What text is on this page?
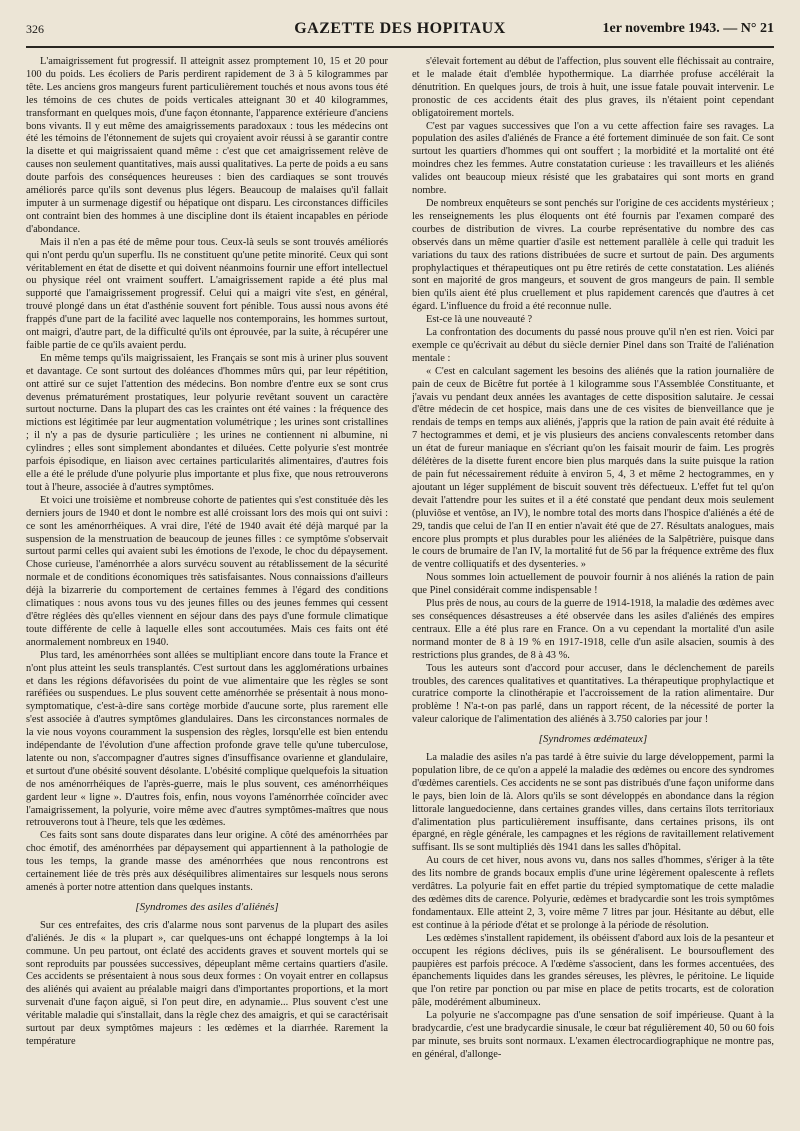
326	GAZETTE DES HOPITAUX	1er novembre 1943. — N° 21

L'amaigrissement fut progressif. Il atteignit assez promptement 10, 15 et 20 pour 100 du poids. Les écoliers de Paris perdirent rapidement de 3 à 5 kilogrammes par tête. Les anciens gros mangeurs furent particulièrement touchés et nous avons tous été les témoins de ces chutes de poids verticales atteignant 30 et 40 kilogrammes, transformant en quelques mois, d'une façon étonnante, l'apparence extérieure d'anciens bons vivants. Il y eut même des amaigrissements paradoxaux : tous les médecins ont été les témoins de l'étonnement de sujets qui croyaient avoir réussi à se garantir contre la disette et qui maigrissaient quand même : c'est que cet amaigrissement relève de causes non seulement quantitatives, mais aussi qualitatives. La perte de poids a eu sans doute parfois des conséquences heureuses : bien des cardiaques se sont trouvés améliorés parce qu'ils sont devenus plus légers. Beaucoup de malaises qu'il fallait imputer à un surmenage digestif ou hépatique ont disparu. Les circonstances difficiles ont contraint bien des hommes à une discipline dont ils étaient incapables en période d'abondance.

Mais il n'en a pas été de même pour tous. Ceux-là seuls se sont trouvés améliorés qui n'ont perdu qu'un superflu. Ils ne constituent qu'une petite minorité. Ceux qui sont véritablement en état de disette et qui doivent néanmoins fournir une effort intellectuel ou physique réel ont vraiment souffert. L'amaigrissement rapide a été plus mal supporté que l'amaigrissement progressif. Celui qui a maigri vite s'est, en général, trouvé plongé dans un état d'asthénie souvent fort pénible. Tous aussi nous avons été frappés d'une part de la facilité avec laquelle nos contemporains, les hommes surtout, ont maigri, d'autre part, de la difficulté qu'ils ont éprouvée, par la suite, à récupérer une faible partie de ce qu'ils avaient perdu.

En même temps qu'ils maigrissaient, les Français se sont mis à uriner plus souvent et davantage. Ce sont surtout des doléances d'hommes mûrs qui, par leur répétition, ont attiré sur ce sujet l'attention des médecins. Bon nombre d'entre eux se sont crus devenus prématurément prostatiques, leur polyurie revêtant souvent un caractère surtout nocturne. Dans la plupart des cas les craintes ont été vaines : la fréquence des mictions est légitimée par leur augmentation volumétrique ; les urines sont cristallines ; il n'y a pas de dysurie particulière ; les urines ne contiennent ni albumine, ni cylindres ; elles sont simplement abondantes et diluées. Cette polyurie s'est montrée parfois épisodique, en liaison avec certaines particularités alimentaires, d'autres fois elle a été le prélude d'une polyurie plus importante et plus fixe, que nous retrouverons tout à l'heure, associée à d'autres symptômes.

Et voici une troisième et nombreuse cohorte de patientes qui s'est constituée dès les derniers jours de 1940 et dont le nombre est allé croissant lors des mois qui ont suivi : ce sont les aménorrhéiques. A vrai dire, l'été de 1940 avait été déjà marqué par la suspension de la menstruation de beaucoup de jeunes filles : ce symptôme s'observait surtout parmi celles qui avaient subi les émotions de l'exode, le choc du dépaysement. Chose curieuse, l'aménorrhée a alors survécu souvent au rétablissement de la sécurité normale et de conditions économiques très satisfaisantes. Nous connaissions d'ailleurs déjà la bizarrerie du comportement de certaines femmes à l'égard des conditions climatiques : nous avons tous vu des jeunes filles ou des jeunes femmes qui cessent d'être réglées dès qu'elles viennent en séjour dans des pays d'une formule climatique toute différente de celle à laquelle elles sont accoutumées. Mais ces faits ont été anormalement nombreux en 1940.

Plus tard, les aménorrhées sont allées se multipliant encore dans toute la France et n'ont plus atteint les seuls transplantés. C'est surtout dans les agglomérations urbaines et dans les régions défavorisées du point de vue alimentaire que les règles se sont raréfiées ou suspendues. Le plus souvent cette aménorrhée se présentait à nous mono-symptomatique, c'est-à-dire sans cortège morbide d'aucune sorte, plus rarement elle s'est associée à d'autres symptômes glandulaires. Dans les circonstances normales de la vie nous voyons couramment la suspension des règles, lorsqu'elle est bien entendu indépendante de l'évolution d'une affection profonde grave telle qu'une tuberculose, latente ou non, s'accompagner d'autres signes d'insuffisance ovarienne et glandulaire, et surtout d'une obésité souvent désolante. L'obésité complique quelquefois la situation de nos aménorrhéiques de l'après-guerre, mais le plus souvent, ces aménorrhéiques gardent leur « ligne ». D'autres fois, enfin, nous voyons l'aménorrhée coïncider avec l'amaigrissement, la polyurie, voire même avec d'autres symptômes-maîtres que nous retrouverons tout à l'heure, tels que les œdèmes.

Ces faits sont sans doute disparates dans leur origine. A côté des aménorrhées par choc émotif, des aménorrhées par dépaysement qui appartiennent à la pathologie de tous les temps, la grande masse des aménorrhées que nous rencontrons est certainement liée de très près aux déséquilibres alimentaires sur lesquels nous serons amenés à porter notre attention dans quelques instants.

[Syndromes des asiles d'aliénés]

Sur ces entrefaites, des cris d'alarme nous sont parvenus de la plupart des asiles d'aliénés. Je dis « la plupart », car quelques-uns ont échappé longtemps à la loi commune. Un peu partout, ont éclaté des accidents graves et souvent mortels qui se sont reproduits par poussées successives, dépeuplant même certains quartiers d'asile. Ces accidents se présentaient à nous sous deux formes : On voyait entrer en collapsus des aliénés qui avaient au préalable maigri dans d'importantes proportions, et la mort survenait d'une façon aiguë, si l'on peut dire, en adynamie... Plus souvent c'est une véritable maladie qui s'installait, dans la règle chez des amaigris, et qui se caractérisait surtout par deux symptômes majeurs : les œdèmes et la diarrhée. Rarement la température

s'élevait fortement au début de l'affection, plus souvent elle fléchissait au contraire, et le malade était d'emblée hypothermique. La diarrhée profuse accélérait la dénutrition. En quelques jours, de trois à huit, une issue fatale pouvait intervenir. Le pronostic de ces accidents était des plus graves, ils n'étaient point cependant obligatoirement mortels.

C'est par vagues successives que l'on a vu cette affection faire ses ravages. La population des asiles d'aliénés de France a été fortement diminuée de son fait. Ce sont surtout les quartiers d'hommes qui ont souffert ; la morbidité et la mortalité ont été moindres chez les femmes. Autre constatation curieuse : les travailleurs et les aliénés valides ont beaucoup mieux résisté que les grabataires qui sont morts en grand nombre.

De nombreux enquêteurs se sont penchés sur l'origine de ces accidents mystérieux ; les renseignements les plus éloquents ont été fournis par l'examen comparé des courbes de distribution de vivres. La courbe représentative du nombre des cas observés dans un même quartier d'asile est nettement parallèle à celle qui traduit les variations du taux des rations distribuées de sucre et surtout de pain. Des arguments prophylactiques et thérapeutiques ont pu être retirés de cette constatation. Les aliénés sont en majorité de gros mangeurs, et souvent de gros mangeurs de pain. Il semble bien qu'ils aient été plus cruellement et plus rapidement carencés que d'autres à cet égard. L'influence du froid a été reconnue nulle.

Est-ce là une nouveauté ?

La confrontation des documents du passé nous prouve qu'il n'en est rien. Voici par exemple ce qu'écrivait au début du siècle dernier Pinel dans son Traité de l'aliénation mentale :

« C'est en calculant sagement les besoins des aliénés que la ration journalière de pain de ceux de Bicêtre fut portée à 1 kilogramme sous l'Assemblée Constituante, et j'avais vu pendant deux années les avantages de cette disposition salutaire. Je cessai d'être médecin de cet hospice, mais dans une de ces visites de bienveillance que je rendais de temps en temps aux aliénés, j'appris que la ration de pain avait été réduite à 7 hectogrammes et demi, et je vis plusieurs des anciens convalescents retomber dans un état de fureur maniaque en s'écriant qu'on les faisait mourir de faim. Les progrès délétères de la disette furent encore bien plus marqués dans la suite puisque la ration de pain fut nécessairement réduite à environ 5, 4, 3 et même 2 hectogrammes, en y ajoutant un léger supplément de biscuit souvent très défectueux. L'effet fut tel qu'on devait l'attendre pour les suites et il a été constaté que pendant deux mois seulement (pluviôse et ventôse, an IV), le nombre total des morts dans l'hospice d'aliénés a été de 29, tandis que celui de l'an II en entier n'avait été que de 27. Résultats analogues, mais encore plus prompts et plus durables pour les aliénées de la Salpêtrière, puisque dans le cours de brumaire de l'an IV, la mortalité fut de 56 par la fréquence extrême des flux de ventre colliquatifs et des dysenteries. »

Nous sommes loin actuellement de pouvoir fournir à nos aliénés la ration de pain que Pinel considérait comme indispensable !

Plus près de nous, au cours de la guerre de 1914-1918, la maladie des œdèmes avec ses conséquences désastreuses a été observée dans les asiles d'aliénés des empires centraux. Elle a été plus rare en France. On a vu cependant la mortalité d'un asile normand monter de 8 à 19 % en 1917-1918, celle d'un asile alsacien, soumis à des restrictions plus grandes, de 8 à 43 %.

Tous les auteurs sont d'accord pour accuser, dans le déclenchement de pareils troubles, des carences qualitatives et quantitatives. La thérapeutique prophylactique et curatrice comporte la clinothérapie et l'accroissement de la ration alimentaire. Dur problème ! N'a-t-on pas parlé, dans un rapport récent, de la nécessité de porter la valeur calorique de l'alimentation des aliénés à 3.750 calories par jour !

[Syndromes œdémateux]

La maladie des asiles n'a pas tardé à être suivie du large développement, parmi la population libre, de ce qu'on a appelé la maladie des œdèmes ou encore des syndromes d'œdèmes carentiels. Ces accidents ne se sont pas distribués d'une façon uniforme dans le pays, bien loin de là. Alors qu'ils se sont développés en abondance dans la région littorale languedocienne, dans certaines grandes villes, dans certains îlots territoriaux d'alimentation plus particulièrement insuffisante, dans certaines prisons, ils ont épargné, en règle générale, les campagnes et les régions de ravitaillement relativement suffisant. Ils se sont multipliés dès 1941 dans les salles d'hôpital.

Au cours de cet hiver, nous avons vu, dans nos salles d'hommes, s'ériger à la tête des lits nombre de grands bocaux emplis d'une urine légèrement opalescente à reflets verdâtres. La polyurie fait en effet partie du trépied symptomatique de cette maladie des œdèmes dits de carence. Polyurie, œdèmes et bradycardie sont les trois symptômes fondamentaux. Elle atteint 2, 3, voire même 7 litres par jour. Hésitante au début, elle est continue à la période d'état et se prolonge à la période de résolution.

Les œdèmes s'installent rapidement, ils obéissent d'abord aux lois de la pesanteur et occupent les régions déclives, puis ils se généralisent. Le boursouflement des paupières est parfois précoce. A l'œdème s'associent, dans les formes accentuées, des épanchements liquides dans les grandes séreuses, les plèvres, le péritoine. Le liquide que l'on retire par ponction ou par mise en place de petits trocarts, est de coloration pâle, modérément albumineux.

La polyurie ne s'accompagne pas d'une sensation de soif impérieuse. Quant à la bradycardie, c'est une bradycardie sinusale, le cœur bat régulièrement 40, 50 ou 60 fois par minute, ses bruits sont normaux. L'examen électrocardiographique ne montre pas, en général, d'allonge-
